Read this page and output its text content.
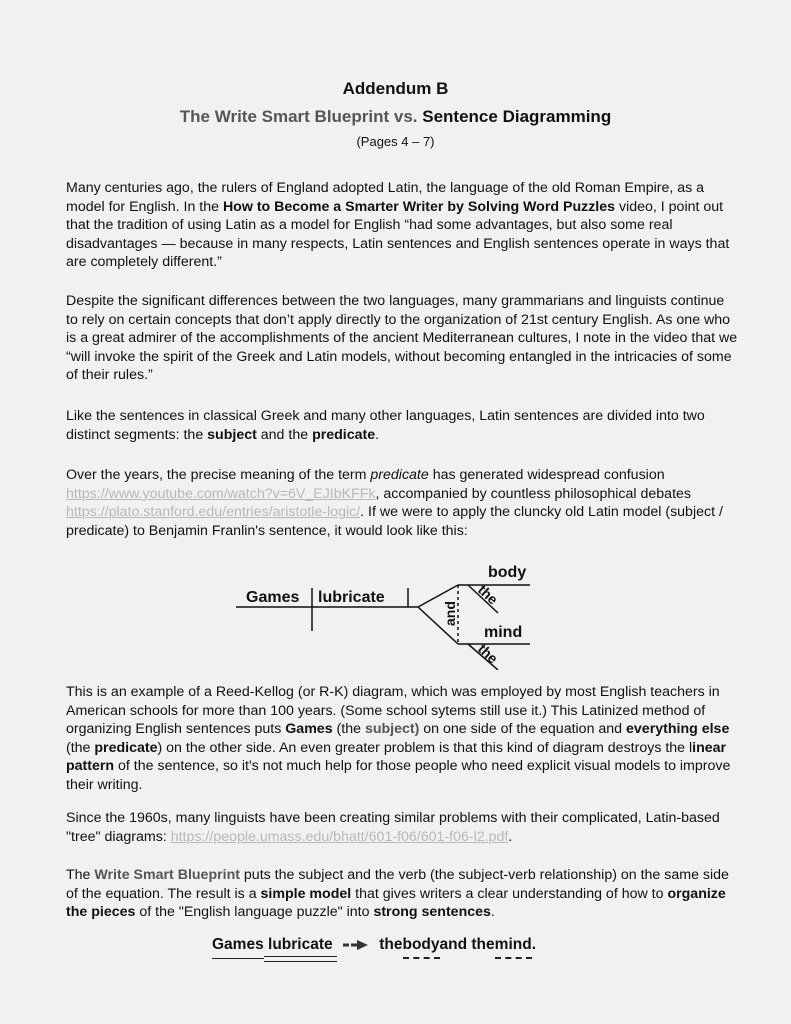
Addendum B
The Write Smart Blueprint vs. Sentence Diagramming

(Pages 4 – 7)

Many centuries ago, the rulers of England adopted Latin, the language of the old Roman Empire, as a model for English. In the How to Become a Smarter Writer by Solving Word Puzzles video, I point out that the tradition of using Latin as a model for English “had some advantages, but also some real disadvantages — because in many respects, Latin sentences and English sentences operate in ways that are completely different.”

Despite the significant differences between the two languages, many grammarians and linguists continue to rely on certain concepts that don’t apply directly to the organization of 21st century English. As one who is a great admirer of the accomplishments of the ancient Mediterranean cultures, I note in the video that we “will invoke the spirit of the Greek and Latin models, without becoming entangled in the intricacies of some of their rules.”

Like the sentences in classical Greek and many other languages, Latin sentences are divided into two distinct segments: the subject and the predicate.

Over the years, the precise meaning of the term predicate has generated widespread confusion https://www.youtube.com/watch?v=6V_EJIbKFFk, accompanied by countless philosophical debates https://plato.stanford.edu/entries/aristotle-logic/. If we were to apply the cluncky old Latin model (subject / predicate) to Benjamin Franlin's sentence, it would look like this:

Games lubricate
body
mind
and
the
the

This is an example of a Reed-Kellog (or R-K) diagram, which was employed by most English teachers in American schools for more than 100 years. (Some school sytems still use it.) This Latinized method of organizing English sentences puts Games (the subject) on one side of the equation and everything else (the predicate) on the other side. An even greater problem is that this kind of diagram destroys the linear pattern of the sentence, so it's not much help for those people who need explicit visual models to improve their writing.

Since the 1960s, many linguists have been creating similar problems with their complicated, Latin-based "tree" diagrams: https://people.umass.edu/bhatt/601-f06/601-f06-l2.pdf.

The Write Smart Blueprint puts the subject and the verb (the subject-verb relationship) on the same side of the equation. The result is a simple model that gives writers a clear understanding of how to organize the pieces of the "English language puzzle" into strong sentences.

Games lubricate	thebodyand themind.
